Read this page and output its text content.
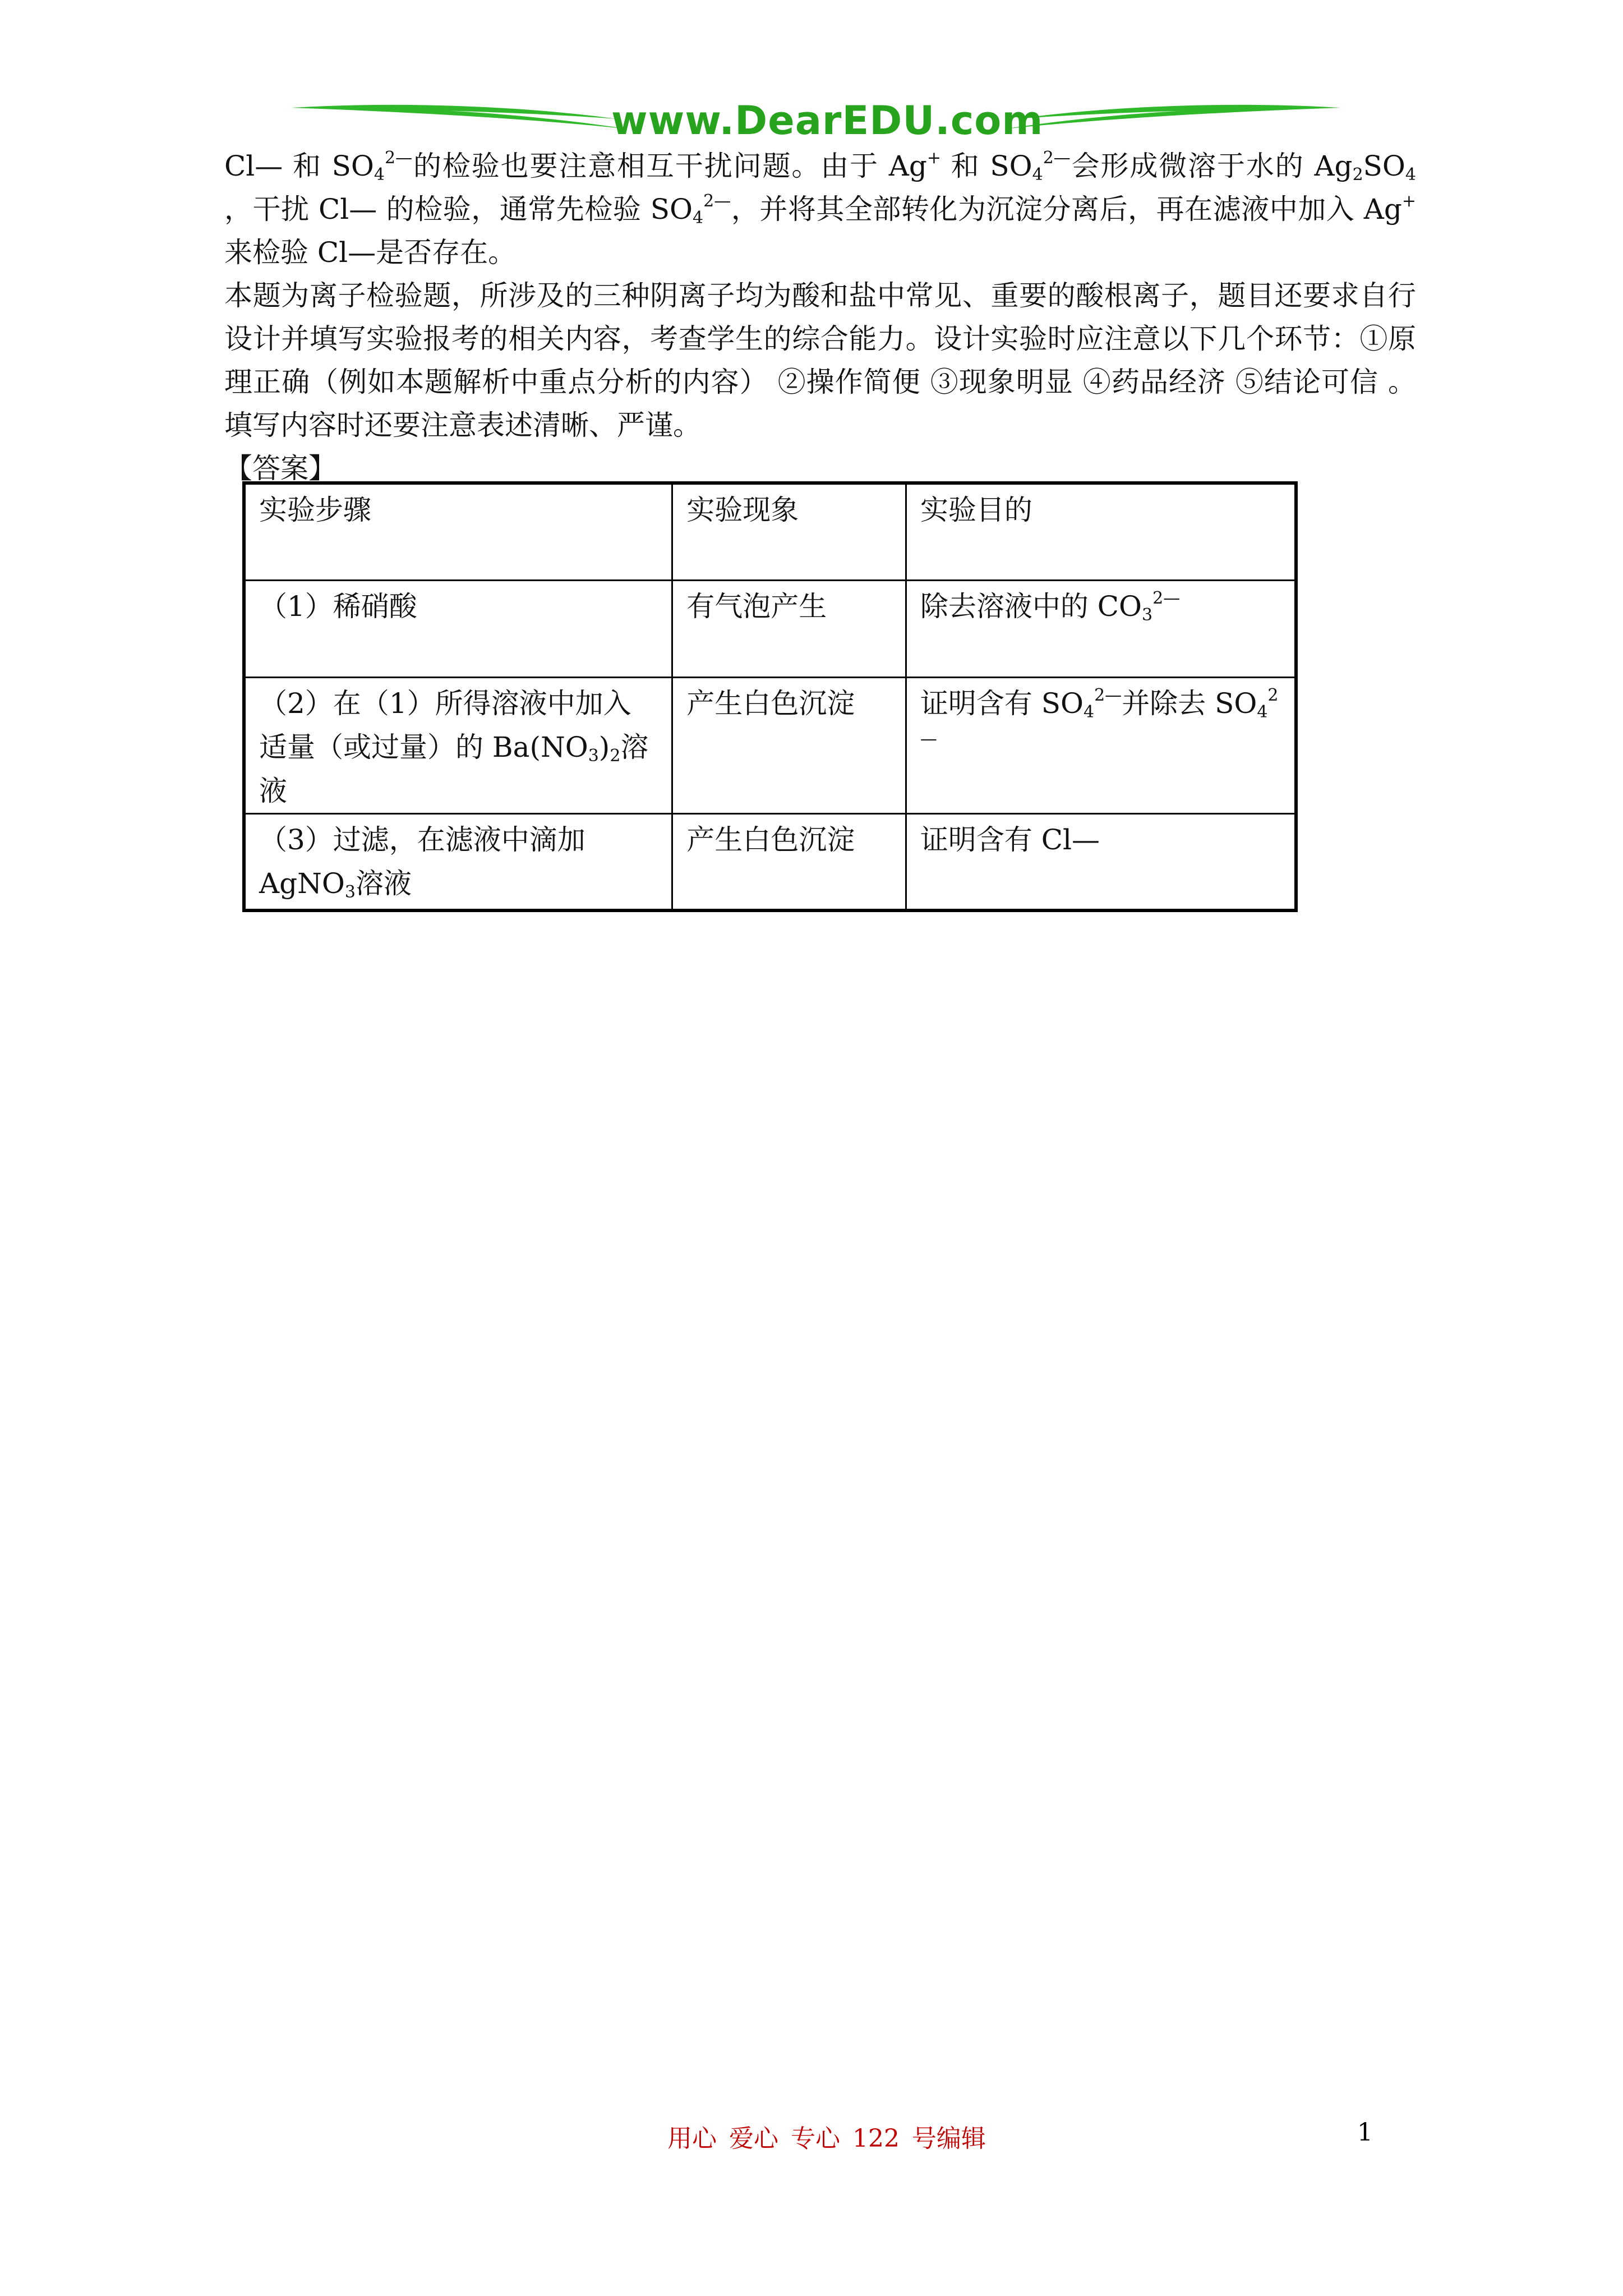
www.DearEDU.com

Cl— 和 $SO_4^{2—}$的检验也要注意相互干扰问题。由于 Ag+ 和 $SO_4^{2—}$会形成微溶于水的 $Ag_2SO_4$ ，干扰 Cl— 的检验，通常先检验 $SO_4^{2—}$，并将其全部转化为沉淀分离后，再在滤液中加入 Ag+ 来检验 Cl—是否存在。

本题为离子检验题，所涉及的三种阴离子均为酸和盐中常见、重要的酸根离子，题目还要求自行设计并填写实验报考的相关内容，考查学生的综合能力。设计实验时应注意以下几个环节：①原理正确（例如本题解析中重点分析的内容） ②操作简便 ③现象明显 ④药品经济 ⑤结论可信 。填写内容时还要注意表述清晰、严谨。

【答案】

实验步骤	实验现象	实验目的
（1）稀硝酸	有气泡产生	除去溶液中的 $CO_3^{2—}$
（2）在（1）所得溶液中加入适量（或过量）的 $Ba(NO_3)_2$溶液	产生白色沉淀	证明含有 $SO_4^{2—}$并除去 $SO_4^{2—}$
（3）过滤，在滤液中滴加 AgNO$_3$溶液	产生白色沉淀	证明含有 Cl—
用心 爱心 专心 122 号编辑	1
